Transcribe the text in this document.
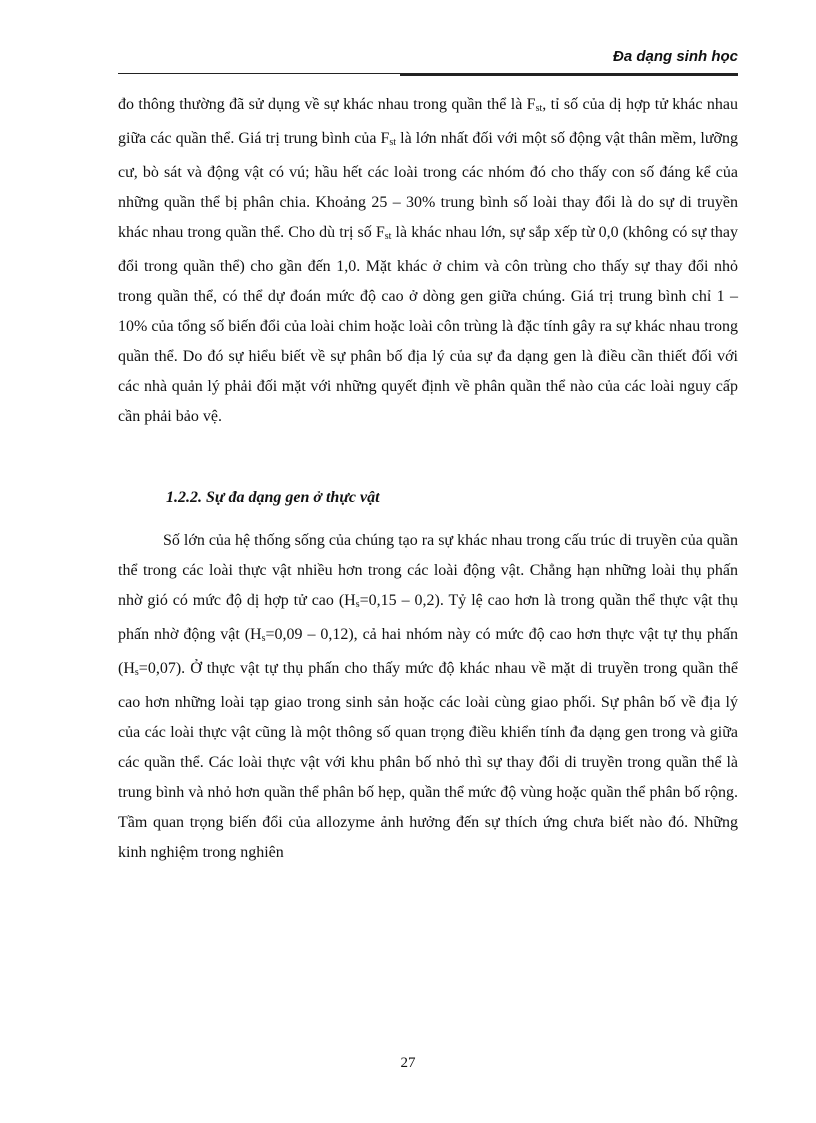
Đa dạng sinh học

đo thông thường đã sử dụng về sự khác nhau trong quần thể là $F_{st}$, tỉ số của dị hợp tử khác nhau giữa các quần thể. Giá trị trung bình của $F_{st}$ là lớn nhất đối với một số động vật thân mềm, lưỡng cư, bò sát và động vật có vú; hầu hết các loài trong các nhóm đó cho thấy con số đáng kể của những quần thể bị phân chia. Khoảng 25 – 30% trung bình số loài thay đổi là do sự di truyền khác nhau trong quần thể. Cho dù trị số $F_{st}$ là khác nhau lớn, sự sắp xếp từ 0,0 (không có sự thay đổi trong quần thể) cho gần đến 1,0. Mặt khác ở chim và côn trùng cho thấy sự thay đổi nhỏ trong quần thể, có thể dự đoán mức độ cao ở dòng gen giữa chúng. Giá trị trung bình chỉ 1 – 10% của tổng số biến đổi của loài chim hoặc loài côn trùng là đặc tính gây ra sự khác nhau trong quần thể. Do đó sự hiểu biết về sự phân bố địa lý của sự đa dạng gen là điều cần thiết đối với các nhà quản lý phải đối mặt với những quyết định về phân quần thể nào của các loài nguy cấp cần phải bảo vệ.

1.2.2. Sự đa dạng gen ở thực vật

Số lớn của hệ thống sống của chúng tạo ra sự khác nhau trong cấu trúc di truyền của quần thể trong các loài thực vật nhiều hơn trong các loài động vật. Chẳng hạn những loài thụ phấn nhờ gió có mức độ dị hợp tử cao $(H_s=0,15 - 0,2)$. Tỷ lệ cao hơn là trong quần thể thực vật thụ phấn nhờ động vật $(H_s=0,09 - 0,12)$, cả hai nhóm này có mức độ cao hơn thực vật tự thụ phấn $(H_s=0,07)$. Ở thực vật tự thụ phấn cho thấy mức độ khác nhau về mặt di truyền trong quần thể cao hơn những loài tạp giao trong sinh sản hoặc các loài cùng giao phối. Sự phân bố về địa lý của các loài thực vật cũng là một thông số quan trọng điều khiển tính đa dạng gen trong và giữa các quần thể. Các loài thực vật với khu phân bố nhỏ thì sự thay đổi di truyền trong quần thể là trung bình và nhỏ hơn quần thể phân bố hẹp, quần thể mức độ vùng hoặc quần thể phân bố rộng. Tầm quan trọng biến đổi của allozyme ảnh hưởng đến sự thích ứng chưa biết nào đó. Những kinh nghiệm trong nghiên

27
